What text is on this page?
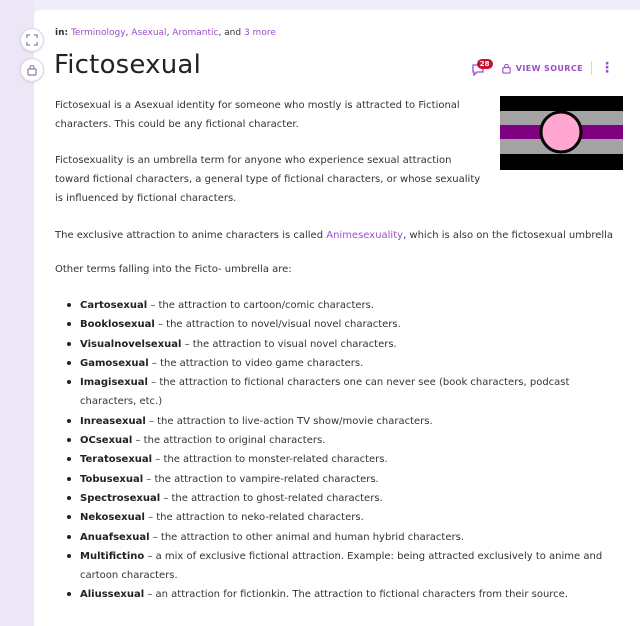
in: Terminology, Asexual, Aromantic, and 3 more
Fictosexual	28	VIEW SOURCE ⋮

Fictosexual is a Asexual identity for someone who mostly is attracted to Fictional characters. This could be any fictional character.

Fictosexuality is an umbrella term for anyone who experience sexual attraction toward fictional characters, a general type of fictional characters, or whose sexuality is influenced by fictional characters.

The exclusive attraction to anime characters is called Animesexuality, which is also on the fictosexual umbrella

Other terms falling into the Ficto- umbrella are:

Cartosexual – the attraction to cartoon/comic characters.
Booklosexual – the attraction to novel/visual novel characters.
Visualnovelsexual – the attraction to visual novel characters.
Gamosexual – the attraction to video game characters.
Imagisexual – the attraction to fictional characters one can never see (book characters, podcast characters, etc.)
Inreasexual – the attraction to live-action TV show/movie characters.
OCsexual – the attraction to original characters.
Teratosexual – the attraction to monster-related characters.
Tobusexual – the attraction to vampire-related characters.
Spectrosexual – the attraction to ghost-related characters.
Nekosexual – the attraction to neko-related characters.
Anuafsexual – the attraction to other animal and human hybrid characters.
Multifictino – a mix of exclusive fictional attraction. Example: being attracted exclusively to anime and cartoon characters.
Aliussexual – an attraction for fictionkin. The attraction to fictional characters from their source.
